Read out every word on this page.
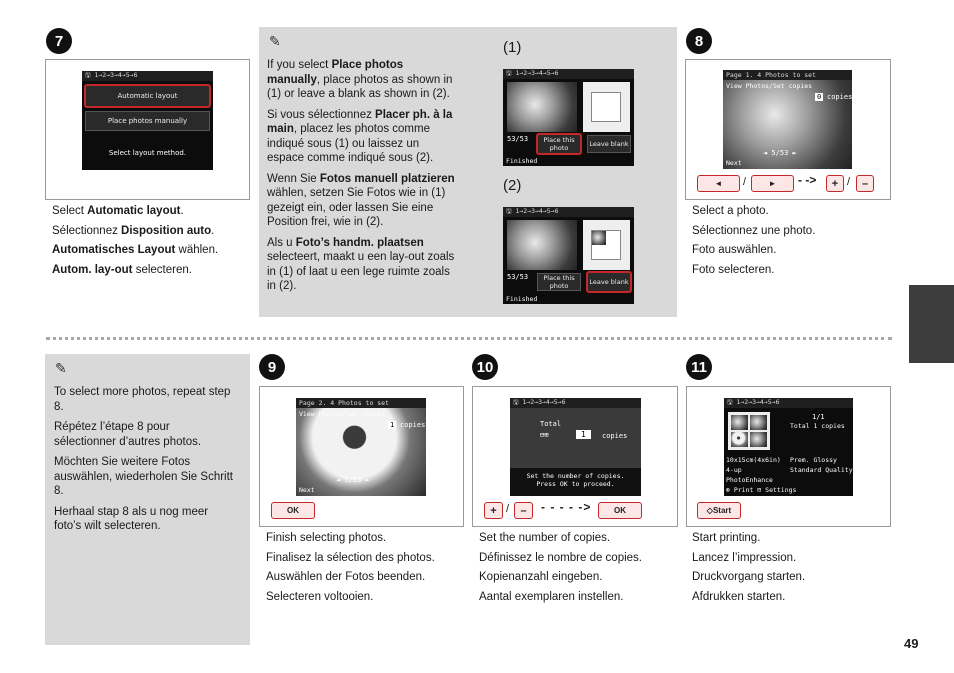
7
🖫 1→2→3→4→5→6
Automatic layout
Place photos manually
Select layout method.
Select Automatic layout.
Sélectionnez Disposition auto.
Automatisches Layout wählen.
Autom. lay-out selecteren.
✎

If you select Place photos manually, place photos as shown in (1) or leave a blank as shown in (2).

Si vous sélectionnez Placer ph. à la main, placez les photos comme indiqué sous (1) ou laissez un espace comme indiqué sous (2).

Wenn Sie Fotos manuell platzieren wählen, setzen Sie Fotos wie in (1) gezeigt ein, oder lassen Sie eine Position frei, wie in (2).

Als u Foto’s handm. plaatsen selecteert, maakt u een lay-out zoals in (1) of laat u een lege ruimte zoals in (2).

(1)
(2)
🖫 1→2→3→4→5→6
53/53	Place this photo	Leave blank
Finished
🖫 1→2→3→4→5→6
53/53	Place this photo	Leave blank
Finished
8
Page 1. 4 Photos to set
View Photos/Set copies
0 copies
◄ 5/53 ►
Next
◄	/	►	- ->	+ /	–
Select a photo.
Sélectionnez une photo.
Foto auswählen.
Foto selecteren.
✎

To select more photos, repeat step 8.

Répétez l’étape 8 pour sélectionner d’autres photos.

Möchten Sie weitere Fotos auswählen, wiederholen Sie Schritt 8.

Herhaal stap 8 als u nog meer foto’s wilt selecteren.

9
Page 2. 4 Photos to set
View Photos/Set copies
1 copies
◄ 5/53 ►
Next
OK
Finish selecting photos.
Finalisez la sélection des photos.
Auswählen der Fotos beenden.
Selecteren voltooien.
10
🖫 1→2→3→4→5→6
Total
⊟⊞	1	copies
Set the number of copies.
Press OK to proceed.
+ /	–	- - - - ->	OK
Set the number of copies.
Définissez le nombre de copies.
Kopienanzahl eingeben.
Aantal exemplaren instellen.
11
🖫 1→2→3→4→5→6
1/1
Total 1 copies
10x15cm(4x6in)
4-up
PhotoEnhance
Prem. Glossy
Standard Quality
⊛ Print ⊟ Settings
◇ Start
Start printing.
Lancez l’impression.
Druckvorgang starten.
Afdrukken starten.
49
